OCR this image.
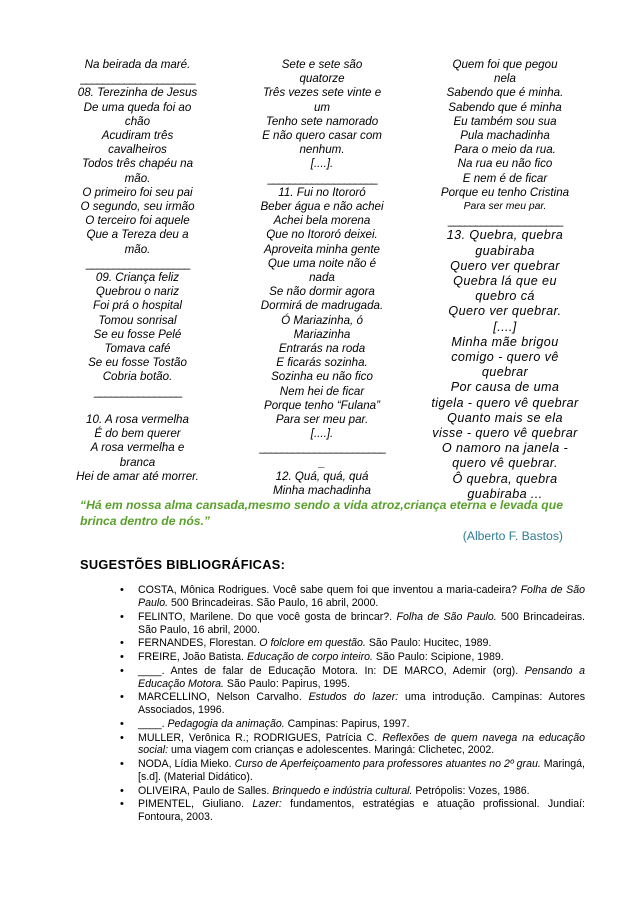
Na beirada da maré.
_____________________
08. Terezinha de Jesus
De uma queda foi ao
chão
Acudiram três
cavalheiros
Todos três chapéu na
mão.
O primeiro foi seu pai
O segundo, seu irmão
O terceiro foi aquele
Que a Tereza deu a
mão.
___________________
09. Criança feliz
Quebrou o nariz
Foi prá o hospital
Tomou sonrisal
Se eu fosse Pelé
Tomava café
Se eu fosse Tostão
Cobria botão.
________________

10. A rosa vermelha
É do bem querer
A rosa vermelha e
branca
Hei de amar até morrer.
Sete e sete são
quatorze
Três vezes sete vinte e
um
Tenho sete namorado
E não quero casar com
nenhum.
[....].
____________________
11. Fui no Itororó
Beber água e não achei
Achei bela morena
Que no Itororó deixei.
Aproveita minha gente
Que uma noite não é
nada
Se não dormir agora
Dormirá de madrugada.
Ó Mariazinha, ó
Mariazinha
Entrarás na roda
E ficarás sozinha.
Sozinha eu não fico
Nem hei de ficar
Porque tenho “Fulana”
Para ser meu par.
[....].
_______________________
_
12. Quá, quá, quá
Minha machadinha
Quem foi que pegou
nela
Sabendo que é minha.
Sabendo que é minha
Eu também sou sua
Pula machadinha
Para o meio da rua.
Na rua eu não fico
E nem é de ficar
Porque eu tenho Cristina
Para ser meu par.
_____________________
13. Quebra, quebra
guabiraba
Quero ver quebrar
Quebra lá que eu
quebro cá
Quero ver quebrar.
[....]
Minha mãe brigou
comigo - quero vê
quebrar
Por causa de uma
tigela - quero vê quebrar
Quanto mais se ela
visse - quero vê quebrar
O namoro na janela -
quero vê quebrar.
Ô quebra, quebra
guabiraba ...
“Há em nossa alma cansada,mesmo sendo a vida atroz,criança eterna e levada que brinca dentro de nós.”
(Alberto F. Bastos)
SUGESTÕES BIBLIOGRÁFICAS:
• COSTA, Mônica Rodrigues. Você sabe quem foi que inventou a maria-cadeira? Folha de São Paulo. 500 Brincadeiras. São Paulo, 16 abril, 2000.
• FELINTO, Marilene. Do que você gosta de brincar?. Folha de São Paulo. 500 Brincadeiras. São Paulo, 16 abril, 2000.
• FERNANDES, Florestan. O folclore em questão. São Paulo: Hucitec, 1989.
• FREIRE, João Batista. Educação de corpo inteiro. São Paulo: Scipione, 1989.
• ____. Antes de falar de Educação Motora. In: DE MARCO, Ademir (org). Pensando a Educação Motora. São Paulo: Papirus, 1995.
• MARCELLINO, Nelson Carvalho. Estudos do lazer: uma introdução. Campinas: Autores Associados, 1996.
• ____. Pedagogia da animação. Campinas: Papirus, 1997.
• MULLER, Verônica R.; RODRIGUES, Patrícia C. Reflexões de quem navega na educação social: uma viagem com crianças e adolescentes. Maringá: Clichetec, 2002.
• NODA, Lídia Mieko. Curso de Aperfeiçoamento para professores atuantes no 2º grau. Maringá, [s.d]. (Material Didático).
• OLIVEIRA, Paulo de Salles. Brinquedo e indústria cultural. Petrópolis: Vozes, 1986.
• PIMENTEL, Giuliano. Lazer: fundamentos, estratégias e atuação profissional. Jundiaí: Fontoura, 2003.
